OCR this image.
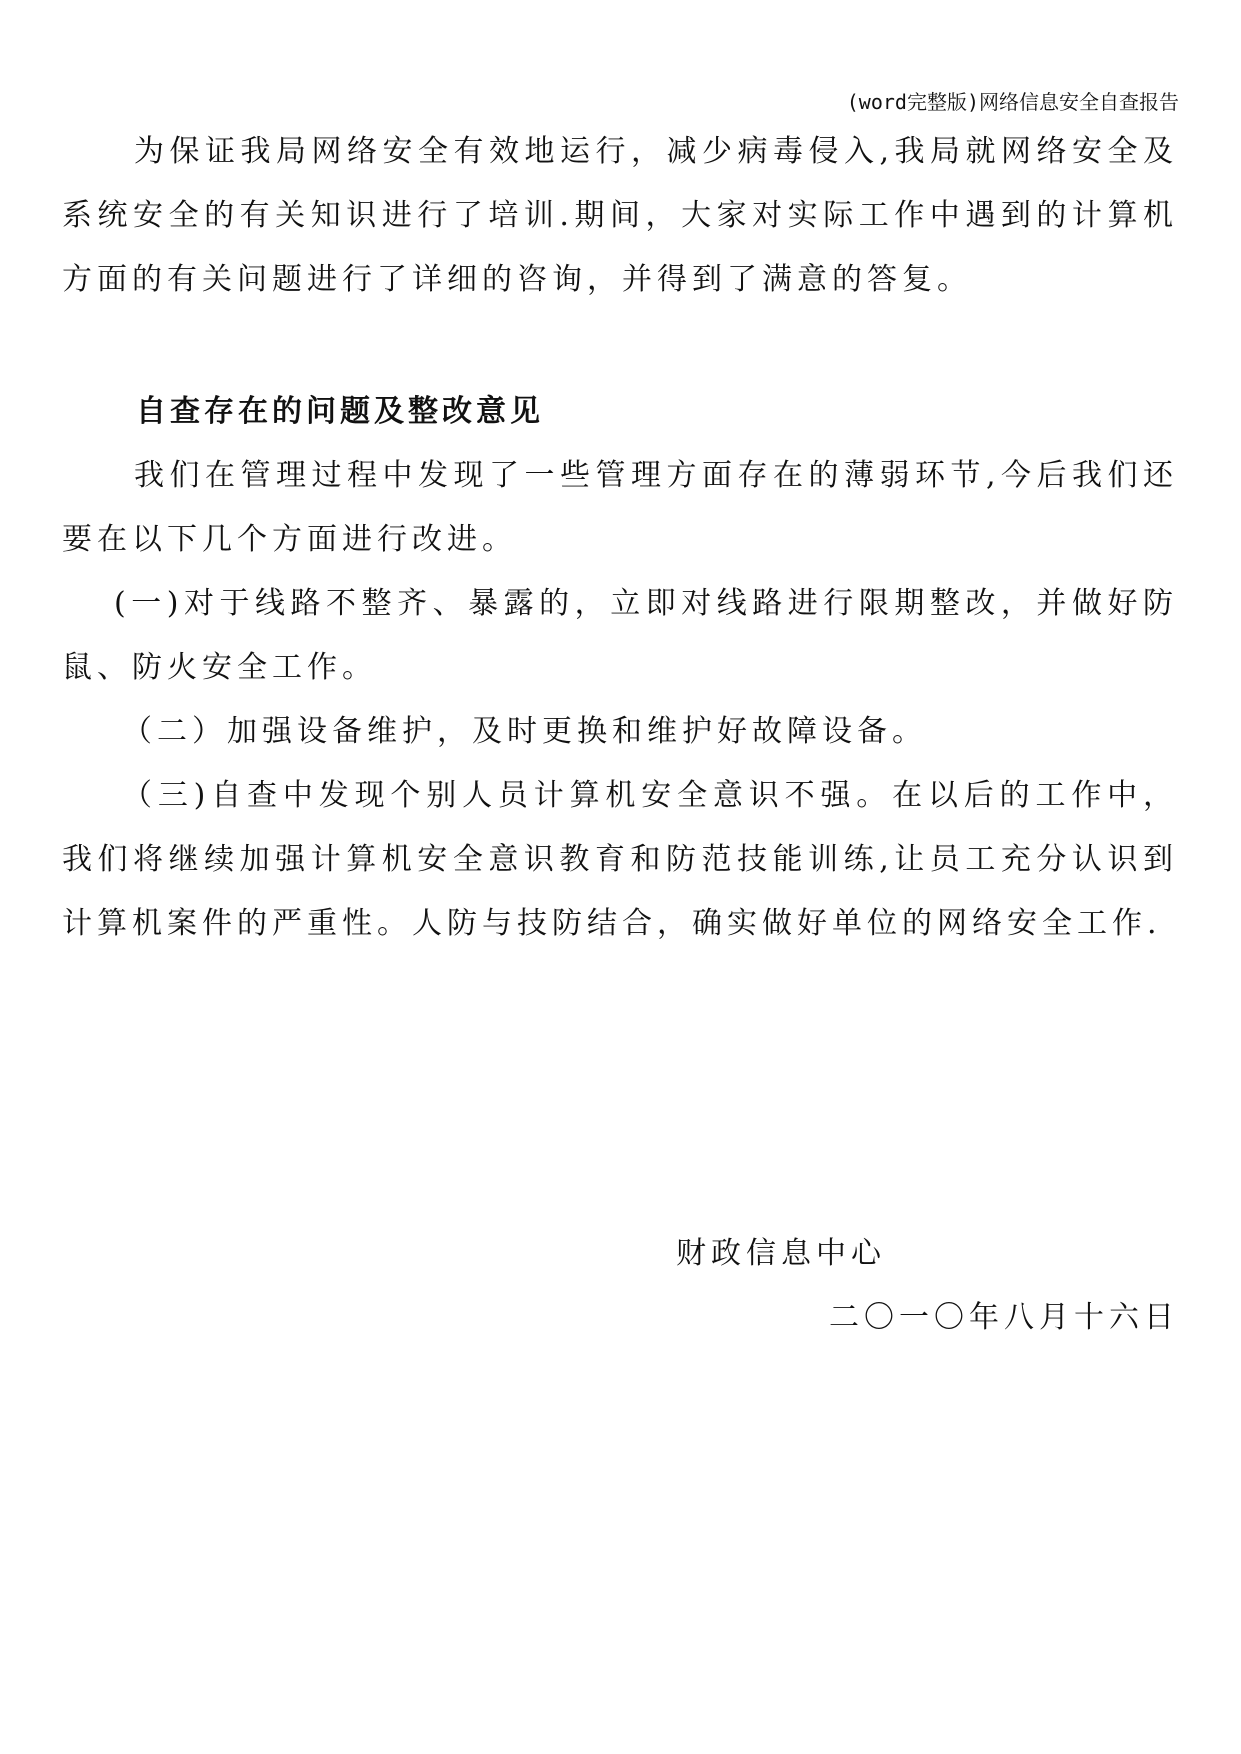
(word完整版)网络信息安全自查报告

为保证我局网络安全有效地运行，减少病毒侵入,我局就网络安全及系统安全的有关知识进行了培训.期间，大家对实际工作中遇到的计算机方面的有关问题进行了详细的咨询，并得到了满意的答复。

自查存在的问题及整改意见

我们在管理过程中发现了一些管理方面存在的薄弱环节,今后我们还要在以下几个方面进行改进。

(一)对于线路不整齐、暴露的，立即对线路进行限期整改，并做好防鼠、防火安全工作。

（二）加强设备维护，及时更换和维护好故障设备。

（三)自查中发现个别人员计算机安全意识不强。在以后的工作中，我们将继续加强计算机安全意识教育和防范技能训练,让员工充分认识到计算机案件的严重性。人防与技防结合，确实做好单位的网络安全工作.

财政信息中心
二〇一〇年八月十六日
